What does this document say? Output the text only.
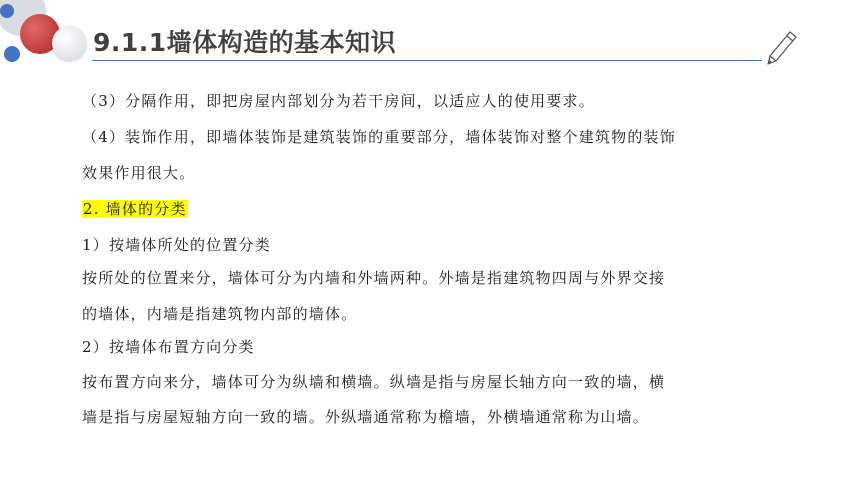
9.1.1墙体构造的基本知识
（3）分隔作用，即把房屋内部划分为若干房间，以适应人的使用要求。
（4）装饰作用，即墙体装饰是建筑装饰的重要部分，墙体装饰对整个建筑物的装饰
效果作用很大。
2. 墙体的分类
1）按墙体所处的位置分类
按所处的位置来分，墙体可分为内墙和外墙两种。外墙是指建筑物四周与外界交接
的墙体，内墙是指建筑物内部的墙体。
2）按墙体布置方向分类
按布置方向来分，墙体可分为纵墙和横墙。纵墙是指与房屋长轴方向一致的墙，横
墙是指与房屋短轴方向一致的墙。外纵墙通常称为檐墙，外横墙通常称为山墙。
